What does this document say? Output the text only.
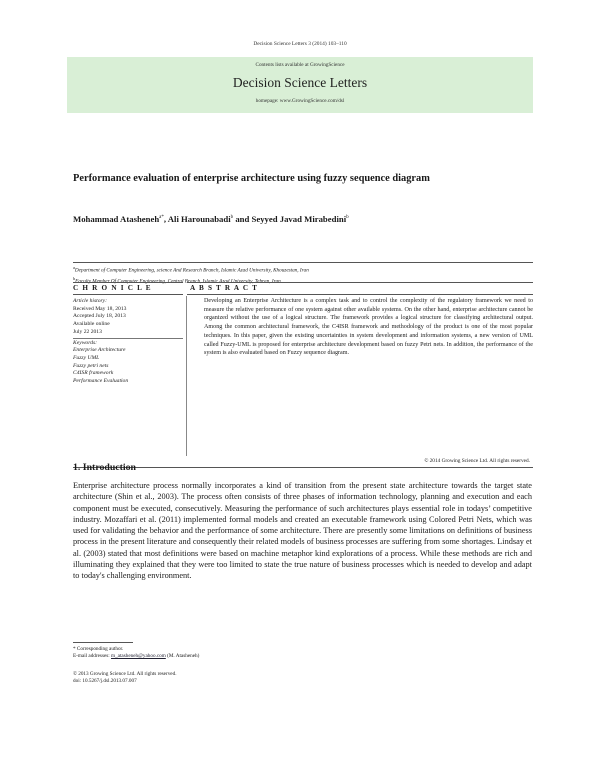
Decision Science Letters 3 (2014) 103–110
Contents lists available at GrowingScience
Decision Science Letters
homepage: www.GrowingScience.com/dsl
Performance evaluation of enterprise architecture using fuzzy sequence diagram
Mohammad Atasheneh$^{a*}$, Ali Harounabadi$^b$ and Seyyed Javad Mirabedini$^b$
$^a$Department of Computer Engineering, science And Research Branch, Islamic Azad University, Khouzestan, Iran
$^b$Faculty Member Of Computer Engineering, Central Branch, Islamic Azad University, Tehran, Iran
C H R O N I C L E	A B S T R A C T
Article history:
Received May 18, 2013
Accepted July 18, 2013
Available online
July 22 2013
Keywords:
Enterprise Architecture
Fuzzy UML
Fuzzy petri nets
C4ISR framework
Performance Evaluation
Developing an Enterprise Architecture is a complex task and to control the complexity of the regulatory framework we need to measure the relative performance of one system against other available systems. On the other hand, enterprise architecture cannot be organized without the use of a logical structure. The framework provides a logical structure for classifying architectural output. Among the common architectural framework, the C4ISR framework and methodology of the product is one of the most popular techniques. In this paper, given the existing uncertainties in system development and information systems, a new version of UML called Fuzzy-UML is proposed for enterprise architecture development based on fuzzy Petri nets. In addition, the performance of the system is also evaluated based on Fuzzy sequence diagram.
© 2014 Growing Science Ltd. All rights reserved.
1. Introduction
Enterprise architecture process normally incorporates a kind of transition from the present state architecture towards the target state architecture (Shin et al., 2003). The process often consists of three phases of information technology, planning and execution and each component must be executed, consecutively. Measuring the performance of such architectures plays essential role in todays’ competitive industry. Mozaffari et al. (2011) implemented formal models and created an executable framework using Colored Petri Nets, which was used for validating the behavior and the performance of some architecture. There are presently some limitations on definitions of business process in the present literature and consequently their related models of business processes are suffering from some shortages. Lindsay et al. (2003) stated that most definitions were based on machine metaphor kind explorations of a process. While these methods are rich and illuminating they explained that they were too limited to state the true nature of business processes which is needed to develop and adapt to today's challenging environment.
* Corresponding author.
E-mail addresses: m_atasheneh@yahoo.com (M. Atasheneh)
© 2013 Growing Science Ltd. All rights reserved.
doi: 10.5267/j.dsl.2013.07.007
